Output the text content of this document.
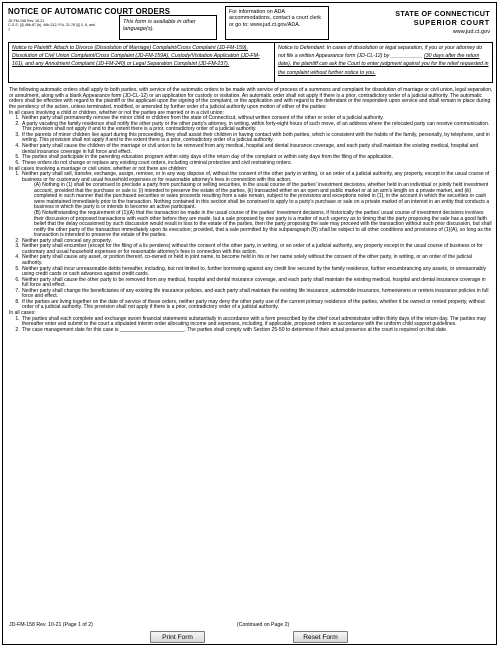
NOTICE OF AUTOMATIC COURT ORDERS
JD-FM-158 Rev. 10-21
C.G.S. §§ 46b-67 (b), 46b-212; P.A. 21-78 §§ 2, 6, and 7
This form is available in other language(s).
For information on ADA accommodations, contact a court clerk or go to: www.jud.ct.gov/ADA.
STATE OF CONNECTICUT
SUPERIOR COURT
www.jud.ct.gov
Notice to Plaintiff: Attach to Divorce (Dissolution of Marriage) Complaint/Cross Complaint (JD-FM-159), Dissolution of Civil Union Complaint/Cross Complaint (JD-FM-159A), Custody/Visitation Application (JD-FM-161), and any Annulment Complaint (JD-FM-240) or Legal Separation Complaint (JD-FM-237).
Notice to Defendant: In cases of dissolution or legal separation, if you or your attorney do not file a written Appearance form (JD-CL-12) by ___________ (30 days after the return date), the plaintiff can ask the Court to enter judgment against you for the relief requested in the complaint without further notice to you.

The following automatic orders shall apply to both parties, with service of the automatic orders to be made with service of process of a summons and complaint for dissolution of marriage or civil union, legal separation, or annulment, along with a blank Appearance form (JD-CL-12) or an application for custody or visitation. An automatic order shall not apply if there is a prior, contradictory order of a judicial authority. The automatic orders shall be effective with regard to the plaintiff or the applicant upon the signing of the complaint, or the application and with regard to the defendant or the respondent upon service and shall remain in place during the pendency of the action, unless terminated, modified, or amended by further order of a judicial authority upon motion of either of the parties:

In all cases involving a child or children, whether or not the parties are married or in a civil union:
1. Neither party shall permanently remove the minor child or children from the state of Connecticut, without written consent of the other or order of a judicial authority.
2. A party vacating the family residence shall notify the other party or the other party's attorney, in writing, within forty-eight hours of such move, of an address where the relocated party can receive communication. This provision shall not apply if and to the extent there is a prior, contradictory order of a judicial authority.
3. If the parents of minor children live apart during this proceeding, they shall assist their children in having contact with both parties, which is consistent with the habits of the family, personally, by telephone, and in writing. This provision shall not apply if and to the extent there is a prior, contradictory order of a judicial authority.
4. Neither party shall cause the children of the marriage or civil union to be removed from any medical, hospital and dental insurance coverage, and each party shall maintain the existing medical, hospital and dental insurance coverage in full force and effect.
5. The parties shall participate in the parenting education program within sixty days of the return day of the complaint or within sixty days from the filing of the application.
6. These orders do not change or replace any existing court orders, including criminal protective and civil restraining orders.
In all cases involving a marriage or civil union, whether or not there are children:
1. Neither party shall sell, transfer, exchange, assign, remove, or in any way dispose of, without the consent of the other party in writing, or an order of a judicial authority, any property, except in the usual course of business or for customary and usual household expenses or for reasonable attorney's fees in connection with this action.
(A) Nothing in (1) shall be construed to preclude a party from purchasing or selling securities, in the usual course of the parties' investment decisions, whether held in an individual or jointly held investment account, provided that the purchase or sale is: (i) intended to preserve the estate of the parties, (ii) transacted either on an open and public market or at an arm's length on a private market, and (iii) completed in such manner that the purchased securities or sales proceeds resulting from a sale remain, subject to the provisions and exceptions noted in (1), in the account in which the securities or cash were maintained immediately prior to the transaction. Nothing contained in this section shall be construed to apply to a party's purchase or sale on a private market of an interest in an entity that conducts a business in which the party is or intends to become an active participant.
(B) Notwithstanding the requirement of (1)(A) that the transaction be made in the usual course of the parties' investment decisions, if historically the parties' usual course of investment decisions involves their discussion of proposed transactions with each other before they are made, but a sale proposed by one party is a matter of such urgency as to timing that the party proposing the sale has a good faith belief that the delay occasioned by such discussion would result in loss to the estate of the parties, then the party proposing the sale may proceed with the transaction without such prior discussion, but shall notify the other party of the transaction immediately upon its execution; provided, that a sale permitted by this subparagraph (B) shall be subject to all other conditions and provisions of (1)(A), so long as the transaction is intended to preserve the estate of the parties.
2. Neither party shall conceal any property.
3. Neither party shall encumber (except for the filing of a lis pendens) without the consent of the other party, in writing, or an order of a judicial authority, any property except in the usual course of business or for customary and usual household expenses or for reasonable attorney's fees in connection with this action.
4. Neither party shall cause any asset, or portion thereof, co-owned or held in joint name, to become held in his or her name solely without the consent of the other party, in writing, or an order of the judicial authority.
5. Neither party shall incur unreasonable debts hereafter, including, but not limited to, further borrowing against any credit line secured by the family residence, further encumbrancing any assets, or unreasonably using credit cards or cash advances against credit cards.
6. Neither party shall cause the other party to be removed from any medical, hospital and dental insurance coverage, and each party shall maintain the existing medical, hospital and dental insurance coverage in full force and effect.
7. Neither party shall change the beneficiaries of any existing life insurance policies, and each party shall maintain the existing life insurance, automobile insurance, homeowners or renters insurance policies in full force and effect.
8. If the parties are living together on the date of service of these orders, neither party may deny the other party use of the current primary residence of the parties, whether it be owned or rented property, without order of a judicial authority. This provision shall not apply if there is a prior, contradictory order of a judicial authority.
In all cases:
1. The parties shall each complete and exchange sworn financial statements substantially in accordance with a form prescribed by the chief court administrator within thirty days of the return day. The parties may thereafter enter and submit to the court a stipulated interim order allocating income and expenses, including, if applicable, proposed orders in accordance with the uniform child support guidelines.
2. The case management date for this case is _______________________. The parties shall comply with Section 25-50 to determine if their actual presence at the court is required on that date.
JD-FM-158 Rev. 10-21 (Page 1 of 2)	(Continued on Page 2)
Print Form	Reset Form
